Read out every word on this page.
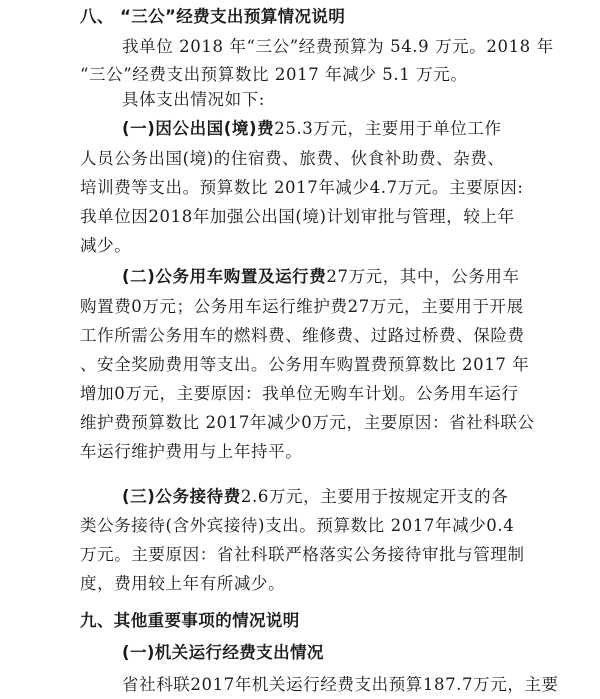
八、 “三公”经费支出预算情况说明
我单位 2018 年“三公”经费预算为 54.9 万元。2018 年
“三公”经费支出预算数比 2017 年减少 5.1 万元。
具体支出情况如下:
(一)因公出国(境)费25.3万元，主要用于单位工作
人员公务出国(境)的住宿费、旅费、伙食补助费、杂费、
培训费等支出。预算数比 2017年减少4.7万元。主要原因:
我单位因2018年加强公出国(境)计划审批与管理，较上年
减少。
(二)公务用车购置及运行费27万元，其中，公务用车
购置费0万元；公务用车运行维护费27万元，主要用于开展
工作所需公务用车的燃料费、维修费、过路过桥费、保险费
、安全奖励费用等支出。公务用车购置费预算数比 2017 年
增加0万元，主要原因：我单位无购车计划。公务用车运行
维护费预算数比 2017年减少0万元，主要原因：省社科联公
车运行维护费用与上年持平。
(三)公务接待费2.6万元，主要用于按规定开支的各
类公务接待(含外宾接待)支出。预算数比 2017年减少0.4
万元。主要原因：省社科联严格落实公务接待审批与管理制
度，费用较上年有所减少。
九、其他重要事项的情况说明
(一)机关运行经费支出情况
省社科联2017年机关运行经费支出预算187.7万元，主要
